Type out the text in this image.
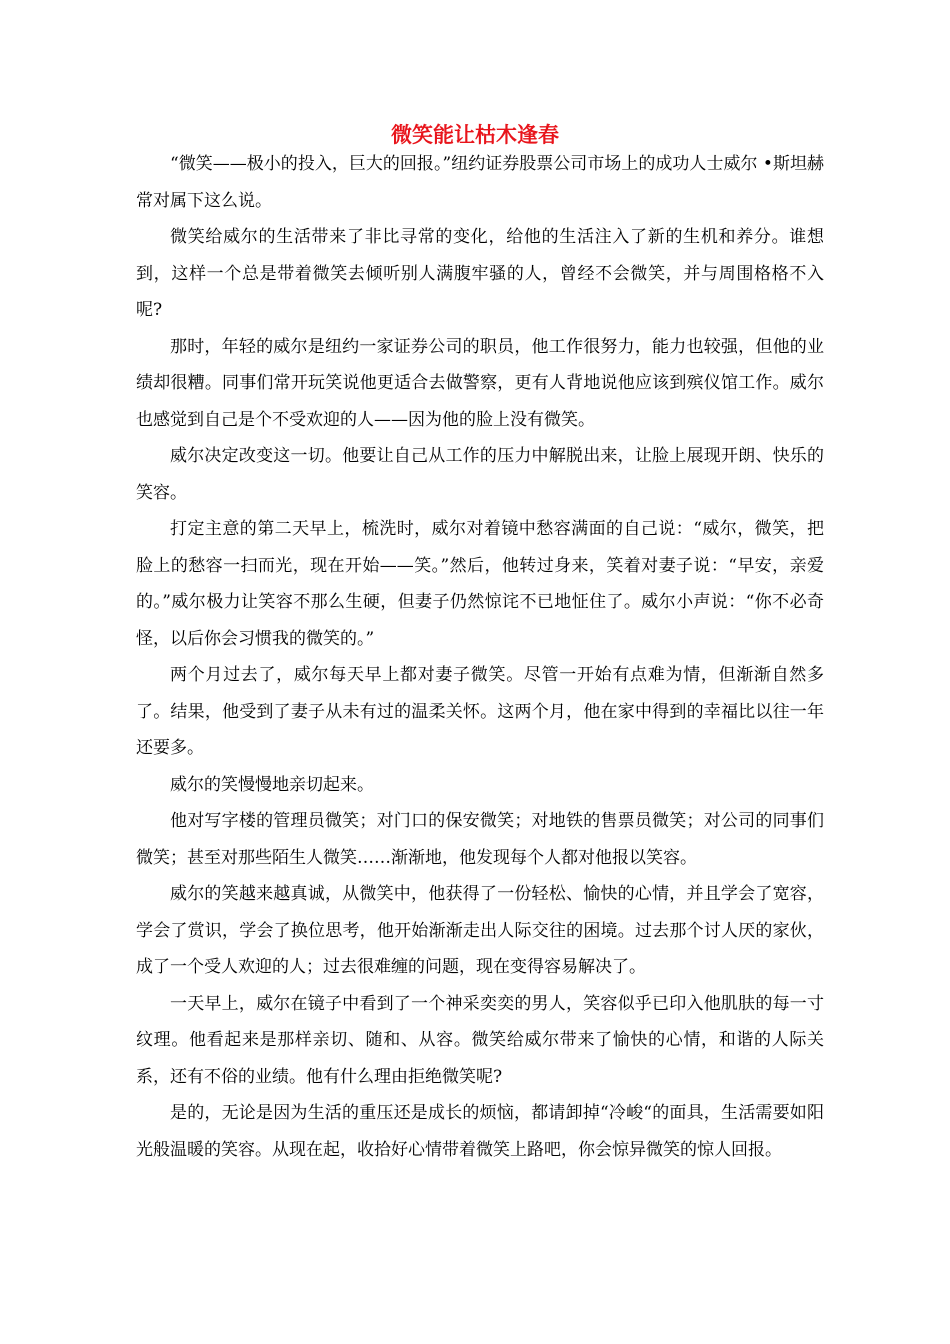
微笑能让枯木逢春

“微笑——极小的投入，巨大的回报。”纽约证券股票公司市场上的成功人士威尔 •斯坦赫常对属下这么说。

微笑给威尔的生活带来了非比寻常的变化，给他的生活注入了新的生机和养分。谁想到，这样一个总是带着微笑去倾听别人满腹牢骚的人，曾经不会微笑，并与周围格格不入呢?

那时，年轻的威尔是纽约一家证券公司的职员，他工作很努力，能力也较强，但他的业绩却很糟。同事们常开玩笑说他更适合去做警察，更有人背地说他应该到殡仪馆工作。威尔也感觉到自己是个不受欢迎的人——因为他的脸上没有微笑。

威尔决定改变这一切。他要让自己从工作的压力中解脱出来，让脸上展现开朗、快乐的笑容。

打定主意的第二天早上，梳洗时，威尔对着镜中愁容满面的自己说：“威尔，微笑，把脸上的愁容一扫而光，现在开始——笑。”然后，他转过身来，笑着对妻子说：“早安，亲爱的。”威尔极力让笑容不那么生硬，但妻子仍然惊诧不已地怔住了。威尔小声说：“你不必奇怪，以后你会习惯我的微笑的。”

两个月过去了，威尔每天早上都对妻子微笑。尽管一开始有点难为情，但渐渐自然多了。结果，他受到了妻子从未有过的温柔关怀。这两个月，他在家中得到的幸福比以往一年还要多。

威尔的笑慢慢地亲切起来。

他对写字楼的管理员微笑；对门口的保安微笑；对地铁的售票员微笑；对公司的同事们微笑；甚至对那些陌生人微笑……渐渐地，他发现每个人都对他报以笑容。

威尔的笑越来越真诚，从微笑中，他获得了一份轻松、愉快的心情，并且学会了宽容，学会了赏识，学会了换位思考，他开始渐渐走出人际交往的困境。过去那个讨人厌的家伙，成了一个受人欢迎的人；过去很难缠的问题，现在变得容易解决了。

一天早上，威尔在镜子中看到了一个神采奕奕的男人，笑容似乎已印入他肌肤的每一寸纹理。他看起来是那样亲切、随和、从容。微笑给威尔带来了愉快的心情，和谐的人际关系，还有不俗的业绩。他有什么理由拒绝微笑呢?

是的，无论是因为生活的重压还是成长的烦恼，都请卸掉“冷峻“的面具，生活需要如阳光般温暖的笑容。从现在起，收拾好心情带着微笑上路吧，你会惊异微笑的惊人回报。
